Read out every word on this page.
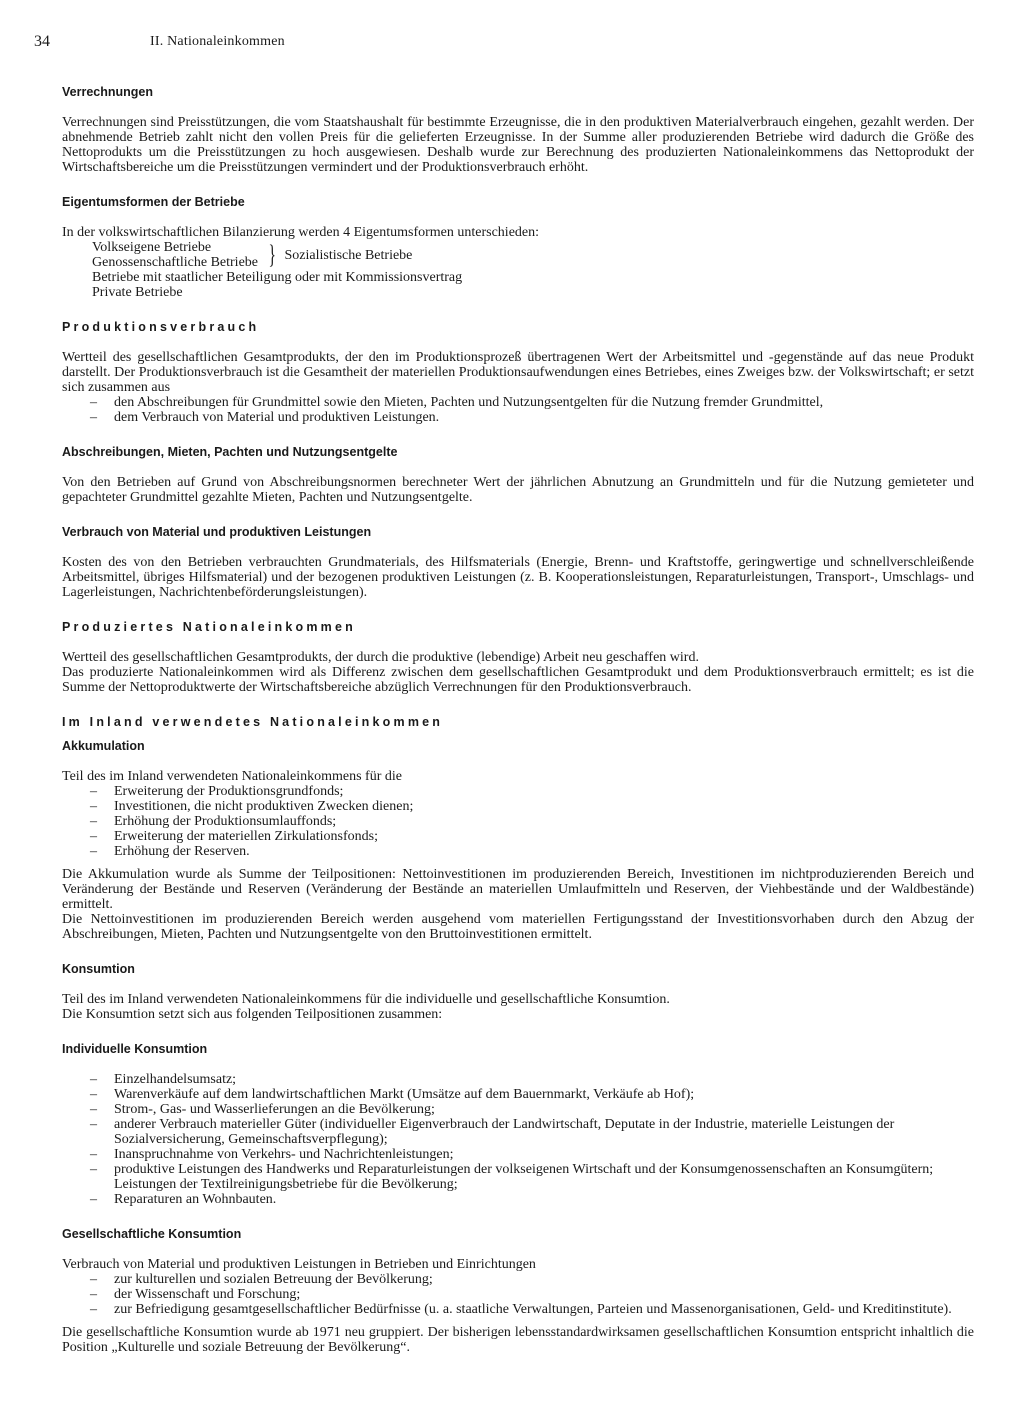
34	II. Nationaleinkommen
Verrechnungen

Verrechnungen sind Preisstützungen, die vom Staatshaushalt für bestimmte Erzeugnisse, die in den produktiven Materialverbrauch eingehen, gezahlt werden. Der abnehmende Betrieb zahlt nicht den vollen Preis für die gelieferten Erzeugnisse. In der Summe aller produzierenden Betriebe wird dadurch die Größe des Nettoprodukts um die Preisstützungen zu hoch ausgewiesen. Deshalb wurde zur Berechnung des produzierten Nationaleinkommens das Nettoprodukt der Wirtschaftsbereiche um die Preisstützungen vermindert und der Produktionsverbrauch erhöht.

Eigentumsformen der Betriebe

In der volkswirtschaftlichen Bilanzierung werden 4 Eigentumsformen unterschieden:

Volkseigene Betriebe
Genossenschaftliche Betriebe } Sozialistische Betriebe
Betriebe mit staatlicher Beteiligung oder mit Kommissionsvertrag
Private Betriebe
Produktionsverbrauch

Wertteil des gesellschaftlichen Gesamtprodukts, der den im Produktionsprozeß übertragenen Wert der Arbeitsmittel und -gegenstände auf das neue Produkt darstellt. Der Produktionsverbrauch ist die Gesamtheit der materiellen Produktionsaufwendungen eines Betriebes, eines Zweiges bzw. der Volkswirtschaft; er setzt sich zusammen aus

– den Abschreibungen für Grundmittel sowie den Mieten, Pachten und Nutzungsentgelten für die Nutzung fremder Grundmittel,
– dem Verbrauch von Material und produktiven Leistungen.
Abschreibungen, Mieten, Pachten und Nutzungsentgelte

Von den Betrieben auf Grund von Abschreibungsnormen berechneter Wert der jährlichen Abnutzung an Grundmitteln und für die Nutzung gemieteter und gepachteter Grundmittel gezahlte Mieten, Pachten und Nutzungsentgelte.

Verbrauch von Material und produktiven Leistungen

Kosten des von den Betrieben verbrauchten Grundmaterials, des Hilfsmaterials (Energie, Brenn- und Kraftstoffe, geringwertige und schnellverschleißende Arbeitsmittel, übriges Hilfsmaterial) und der bezogenen produktiven Leistungen (z. B. Kooperationsleistungen, Reparaturleistungen, Transport-, Umschlags- und Lagerleistungen, Nachrichtenbeförderungsleistungen).

Produziertes Nationaleinkommen

Wertteil des gesellschaftlichen Gesamtprodukts, der durch die produktive (lebendige) Arbeit neu geschaffen wird.

Das produzierte Nationaleinkommen wird als Differenz zwischen dem gesellschaftlichen Gesamtprodukt und dem Produktionsverbrauch ermittelt; es ist die Summe der Nettoproduktwerte der Wirtschaftsbereiche abzüglich Verrechnungen für den Produktionsverbrauch.

Im Inland verwendetes Nationaleinkommen
Akkumulation

Teil des im Inland verwendeten Nationaleinkommens für die

– Erweiterung der Produktionsgrundfonds;
– Investitionen, die nicht produktiven Zwecken dienen;
– Erhöhung der Produktionsumlauffonds;
– Erweiterung der materiellen Zirkulationsfonds;
– Erhöhung der Reserven.

Die Akkumulation wurde als Summe der Teilpositionen: Nettoinvestitionen im produzierenden Bereich, Investitionen im nichtproduzierenden Bereich und Veränderung der Bestände und Reserven (Veränderung der Bestände an materiellen Umlaufmitteln und Reserven, der Viehbestände und der Waldbestände) ermittelt.

Die Nettoinvestitionen im produzierenden Bereich werden ausgehend vom materiellen Fertigungsstand der Investitionsvorhaben durch den Abzug der Abschreibungen, Mieten, Pachten und Nutzungsentgelte von den Bruttoinvestitionen ermittelt.

Konsumtion

Teil des im Inland verwendeten Nationaleinkommens für die individuelle und gesellschaftliche Konsumtion.

Die Konsumtion setzt sich aus folgenden Teilpositionen zusammen:

Individuelle Konsumtion
– Einzelhandelsumsatz;
– Warenverkäufe auf dem landwirtschaftlichen Markt (Umsätze auf dem Bauernmarkt, Verkäufe ab Hof);
– Strom-, Gas- und Wasserlieferungen an die Bevölkerung;
– anderer Verbrauch materieller Güter (individueller Eigenverbrauch der Landwirtschaft, Deputate in der Industrie, materielle Leistungen der Sozialversicherung, Gemeinschaftsverpflegung);
– Inanspruchnahme von Verkehrs- und Nachrichtenleistungen;
– produktive Leistungen des Handwerks und Reparaturleistungen der volkseigenen Wirtschaft und der Konsumgenossenschaften an Konsumgütern; Leistungen der Textilreinigungsbetriebe für die Bevölkerung;
– Reparaturen an Wohnbauten.
Gesellschaftliche Konsumtion

Verbrauch von Material und produktiven Leistungen in Betrieben und Einrichtungen

– zur kulturellen und sozialen Betreuung der Bevölkerung;
– der Wissenschaft und Forschung;
– zur Befriedigung gesamtgesellschaftlicher Bedürfnisse (u. a. staatliche Verwaltungen, Parteien und Massenorganisationen, Geld- und Kreditinstitute).

Die gesellschaftliche Konsumtion wurde ab 1971 neu gruppiert. Der bisherigen lebensstandardwirksamen gesellschaftlichen Konsumtion entspricht inhaltlich die Position „Kulturelle und soziale Betreuung der Bevölkerung“.
